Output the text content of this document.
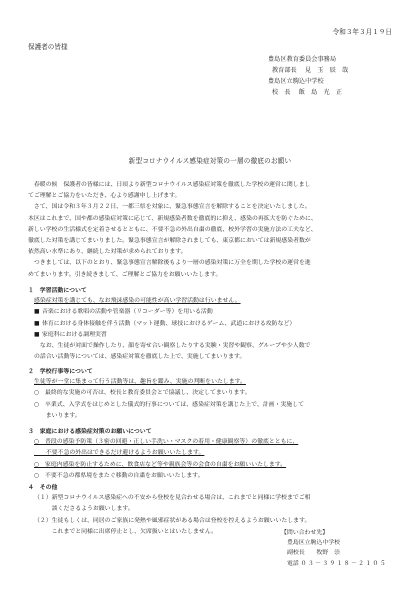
令和３年３月１９日
保護者の皆様
豊島区教育委員会事務局
教育部長　 見　玉　辰　哉
豊島区立駒込中学校
校　長　 飯　島　光　正
新型コロナウイルス感染症対策の一層の徹底のお願い
　春暖の候　保護者の皆様には、日頃より新型コロナウイルス感染症対策を徹底した学校の運営に関しまし
てご理解とご協力をいただき、心より感謝申し上げます。
　さて、国は令和３年３月２２日、一都三県を対象に、緊急事態宣言を解除することを決定いたしました。
本区はこれまで、国や都の感染症対策に応じて、新規感染者数を徹底的に抑え、感染の再拡大を防ぐために、
新しい学校の生活様式を定着させるとともに、不要不急の外出自粛の徹底、校外学習の実施方法の工夫など、
徹底した対策を講じてまいりました。緊急事態宣言が解除されましても、東京都においては新規感染者数が
依然高い水準にあり、継続した対策が求められております。
　つきましては、以下のとおり、緊急事態宣言解除後もより一層の感染対策に万全を期した学校の運営を進
めてまいります。引き続きまして、ご理解とご協力をお願いいたします。
１　学習活動について
感染症対策を講じても、なお飛沫感染の可能性が高い学習活動は行いません。
■ 音楽における歌唱の活動や管楽器（リコーダー等）を用いる活動
■ 体育における身体接触を伴う活動（マット運動、球技におけるゲーム、武道における攻防など）
■ 家庭科における調理実習
　なお、生徒が対面で操作したり、顔を寄せ合い観察したりする実験・実習や観察、グループや少人数で
の話合い活動等については、感染症対策を徹底した上で、実施してまいります。
２　学校行事等について
生徒等が一堂に集まって行う活動等は、趣旨を鑑み、実施の判断をいたします。
○　最終的な実施の可否は、校長と教育委員会とで協議し、決定してまいります。
○　卒業式、入学式をはじめとした儀式的行事については、感染症対策を講じた上で、計画・実施して
　　まいります。
３　家庭における感染症対策のお願いについて
○　普段の感染予防策（３密の回避・正しい手洗い・マスクの着用・健康観察等）の徹底とともに、
　　不要不急の外出はできるだけ避けるようお願いいたします。
○　家庭内感染を防止するために、飲食店など等や親族会等の会食の自粛をお願いいたします。
○　不要不急の都県境をまたぐ移動の自粛をお願いいたします。
４　その他
（１）新型コロナウイルス感染症への不安から登校を見合わせる場合は、これまでと同様に学校までご相
　　　談くださるようお願いします。
（２）生徒もしくは、同居のご家族に発熱や風邪症状がある場合は登校を控えるようお願いいたします。
　　　これまでと同様に出席停止とし、欠席扱いとはいたしません。	【問い合わせ先】
豊島区立駒込中学校
副校長　　牧野　崇
電話 ０３－３９１８－２１０５
